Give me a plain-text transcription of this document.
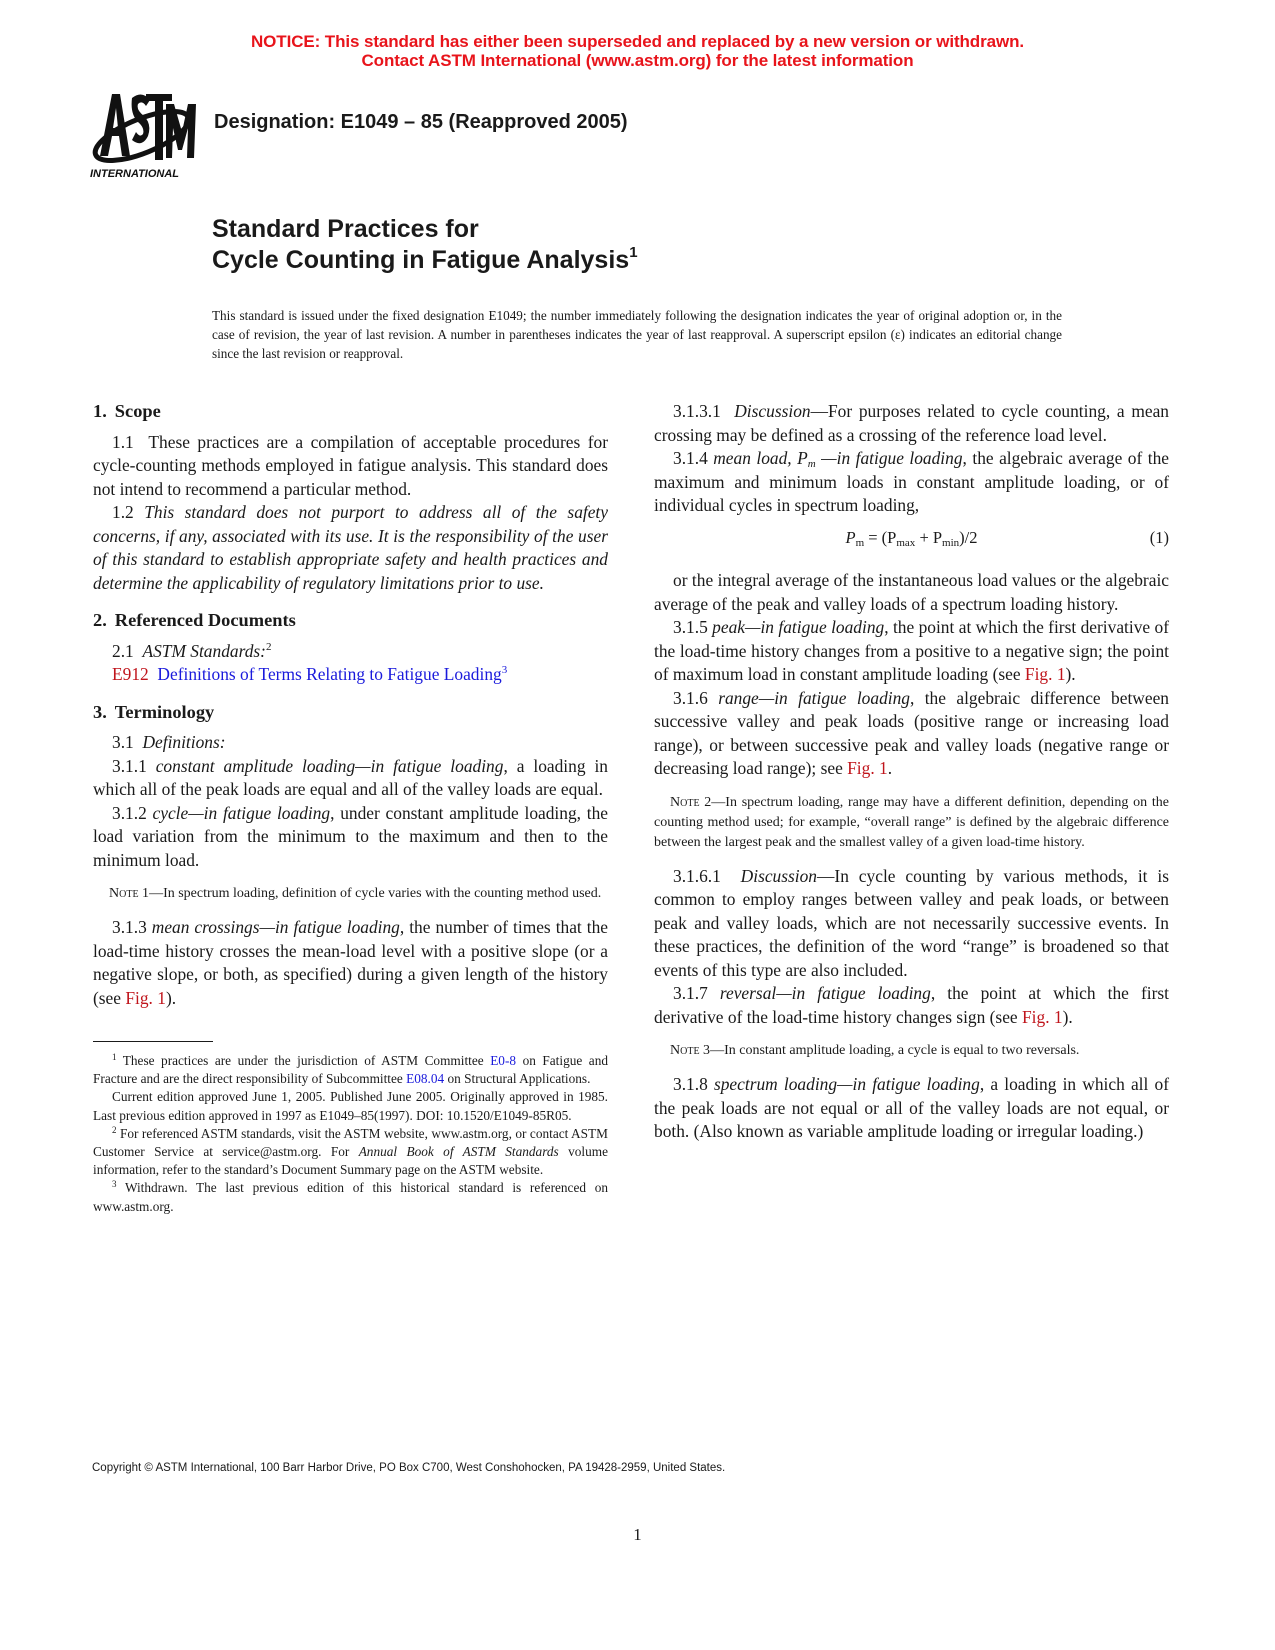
NOTICE: This standard has either been superseded and replaced by a new version or withdrawn.
Contact ASTM International (www.astm.org) for the latest information
INTERNATIONAL
Designation: E1049 – 85 (Reapproved 2005)
Standard Practices for
Cycle Counting in Fatigue Analysis$^1$
This standard is issued under the fixed designation E1049; the number immediately following the designation indicates the year of original adoption or, in the case of revision, the year of last revision. A number in parentheses indicates the year of last reapproval. A superscript epsilon (ε) indicates an editorial change since the last revision or reapproval.
1. Scope

1.1 These practices are a compilation of acceptable procedures for cycle-counting methods employed in fatigue analysis. This standard does not intend to recommend a particular method.

1.2 This standard does not purport to address all of the safety concerns, if any, associated with its use. It is the responsibility of the user of this standard to establish appropriate safety and health practices and determine the applicability of regulatory limitations prior to use.

2. Referenced Documents

2.1 ASTM Standards:$^2$

E912 Definitions of Terms Relating to Fatigue Loading$^3$

3. Terminology

3.1 Definitions:

3.1.1 constant amplitude loading—in fatigue loading, a loading in which all of the peak loads are equal and all of the valley loads are equal.

3.1.2 cycle—in fatigue loading, under constant amplitude loading, the load variation from the minimum to the maximum and then to the minimum load.

Note 1—In spectrum loading, definition of cycle varies with the counting method used.

3.1.3 mean crossings—in fatigue loading, the number of times that the load-time history crosses the mean-load level with a positive slope (or a negative slope, or both, as specified) during a given length of the history (see Fig. 1).

$^1$ These practices are under the jurisdiction of ASTM Committee E0-8 on Fatigue and Fracture and are the direct responsibility of Subcommittee E08.04 on Structural Applications.

Current edition approved June 1, 2005. Published June 2005. Originally approved in 1985. Last previous edition approved in 1997 as E1049–85(1997). DOI: 10.1520/E1049-85R05.

$^2$ For referenced ASTM standards, visit the ASTM website, www.astm.org, or contact ASTM Customer Service at service@astm.org. For Annual Book of ASTM Standards volume information, refer to the standard’s Document Summary page on the ASTM website.

$^3$ Withdrawn. The last previous edition of this historical standard is referenced on www.astm.org.

3.1.3.1 Discussion—For purposes related to cycle counting, a mean crossing may be defined as a crossing of the reference load level.

3.1.4 mean load, $P_m$ —in fatigue loading, the algebraic average of the maximum and minimum loads in constant amplitude loading, or of individual cycles in spectrum loading,

$P_m = (P_{max} + P_{min})/2$	(1)

or the integral average of the instantaneous load values or the algebraic average of the peak and valley loads of a spectrum loading history.

3.1.5 peak—in fatigue loading, the point at which the first derivative of the load-time history changes from a positive to a negative sign; the point of maximum load in constant amplitude loading (see Fig. 1).

3.1.6 range—in fatigue loading, the algebraic difference between successive valley and peak loads (positive range or increasing load range), or between successive peak and valley loads (negative range or decreasing load range); see Fig. 1.

Note 2—In spectrum loading, range may have a different definition, depending on the counting method used; for example, “overall range” is defined by the algebraic difference between the largest peak and the smallest valley of a given load-time history.

3.1.6.1 Discussion—In cycle counting by various methods, it is common to employ ranges between valley and peak loads, or between peak and valley loads, which are not necessarily successive events. In these practices, the definition of the word “range” is broadened so that events of this type are also included.

3.1.7 reversal—in fatigue loading, the point at which the first derivative of the load-time history changes sign (see Fig. 1).

Note 3—In constant amplitude loading, a cycle is equal to two reversals.

3.1.8 spectrum loading—in fatigue loading, a loading in which all of the peak loads are not equal or all of the valley loads are not equal, or both. (Also known as variable amplitude loading or irregular loading.)

Copyright © ASTM International, 100 Barr Harbor Drive, PO Box C700, West Conshohocken, PA 19428-2959, United States.
1
